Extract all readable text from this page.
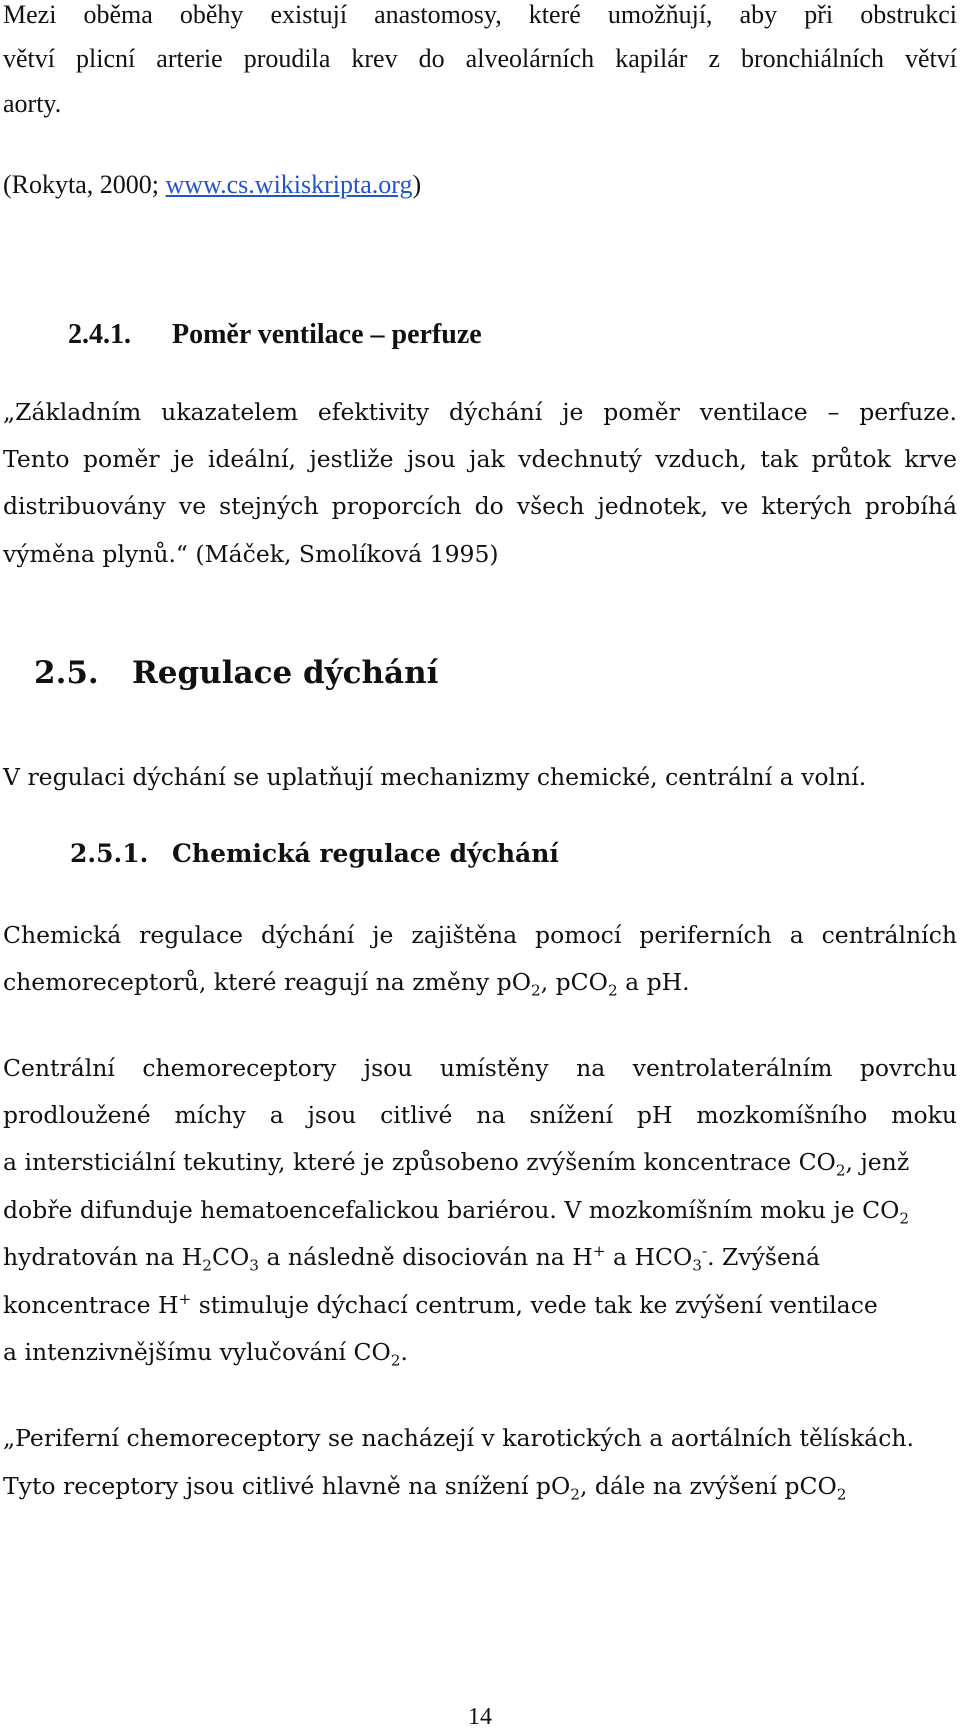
Mezi oběma oběhy existují anastomosy, které umožňují, aby při obstrukci
větví plicní arterie proudila krev do alveolárních kapilár z bronchiálních větví
aorty.
(Rokyta, 2000; www.cs.wikiskripta.org)
2.4.1. Poměr ventilace – perfuze
„Základním ukazatelem efektivity dýchání je poměr ventilace – perfuze.
Tento poměr je ideální, jestliže jsou jak vdechnutý vzduch, tak průtok krve
distribuovány ve stejných proporcích do všech jednotek, ve kterých probíhá
výměna plynů.“ (Máček, Smolíková 1995)
2.5. Regulace dýchání
V regulaci dýchání se uplatňují mechanizmy chemické, centrální a volní.
2.5.1. Chemická regulace dýchání
Chemická regulace dýchání je zajištěna pomocí periferních a centrálních
chemoreceptorů, které reagují na změny $pO_2$, pCO$_2$ a pH.
Centrální chemoreceptory jsou umístěny na ventrolaterálním povrchu
prodloužené míchy a jsou citlivé na snížení pH mozkomíšního moku
a intersticiální tekutiny, které je způsobeno zvýšením koncentrace $CO_2$, jenž
dobře difunduje hematoencefalickou bariérou. V mozkomíšním moku je $CO_2$
hydratován na $H_2CO_3$ a následně disociován na H+ a $HCO_3^-$. Zvýšená
koncentrace H+ stimuluje dýchací centrum, vede tak ke zvýšení ventilace
a intenzivnějšímu vylučování $CO_2$.
„Periferní chemoreceptory se nacházejí v karotických a aortálních tělískách.
Tyto receptory jsou citlivé hlavně na snížení $pO_2$, dále na zvýšení pCO$_2$
14
